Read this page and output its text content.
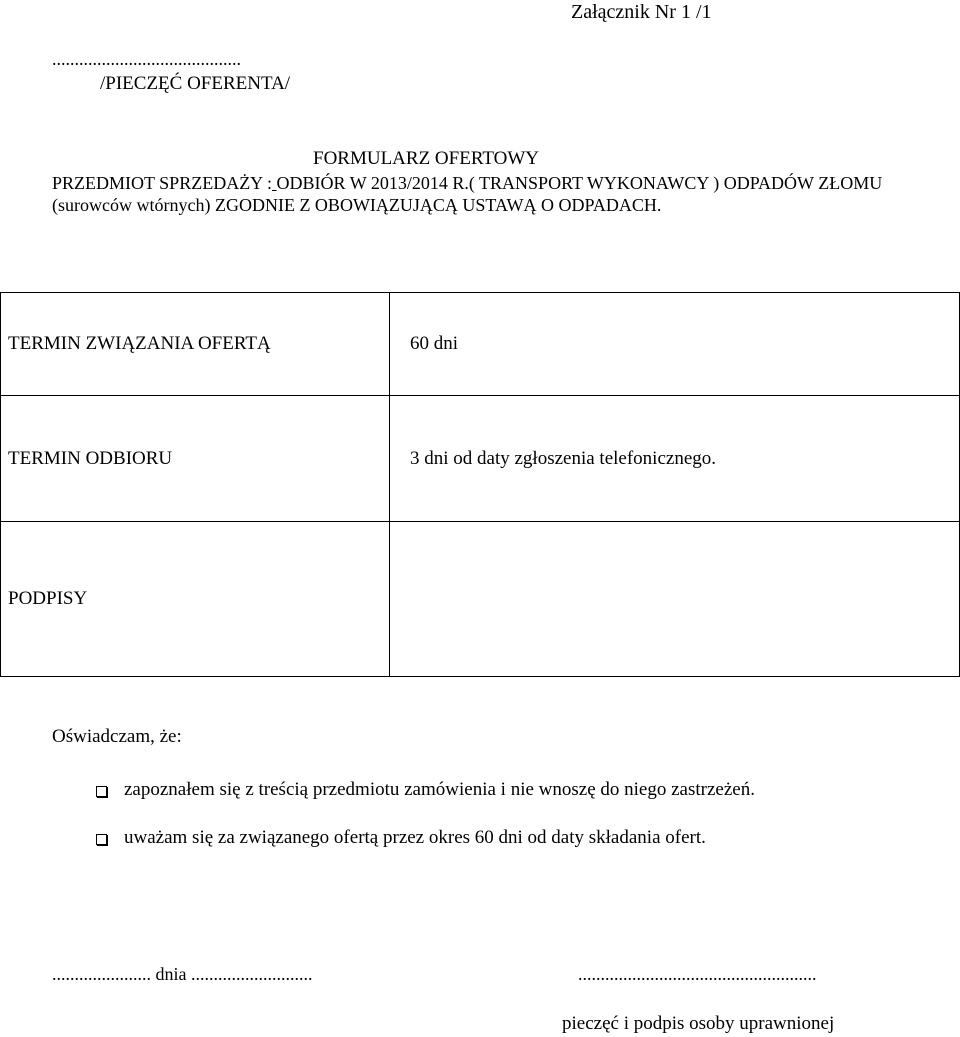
Załącznik Nr 1 /1
..........................................
/PIECZĘĆ OFERENTA/
FORMULARZ OFERTOWY
PRZEDMIOT SPRZEDAŻY : ODBIÓR W 2013/2014 R.( TRANSPORT WYKONAWCY ) ODPADÓW ZŁOMU (surowców wtórnych) ZGODNIE Z OBOWIĄZUJĄCĄ USTAWĄ O ODPADACH.
TERMIN ZWIĄZANIA OFERTĄ	60 dni
TERMIN ODBIORU	3 dni od daty zgłoszenia telefonicznego.
PODPISY	
Oświadczam, że:
zapoznałem się z treścią przedmiotu zamówienia i nie wnoszę do niego zastrzeżeń.
uważam się za związanego ofertą przez okres 60 dni od daty składania ofert.
...................... dnia ...........................	.....................................................
pieczęć i podpis osoby uprawnionej
